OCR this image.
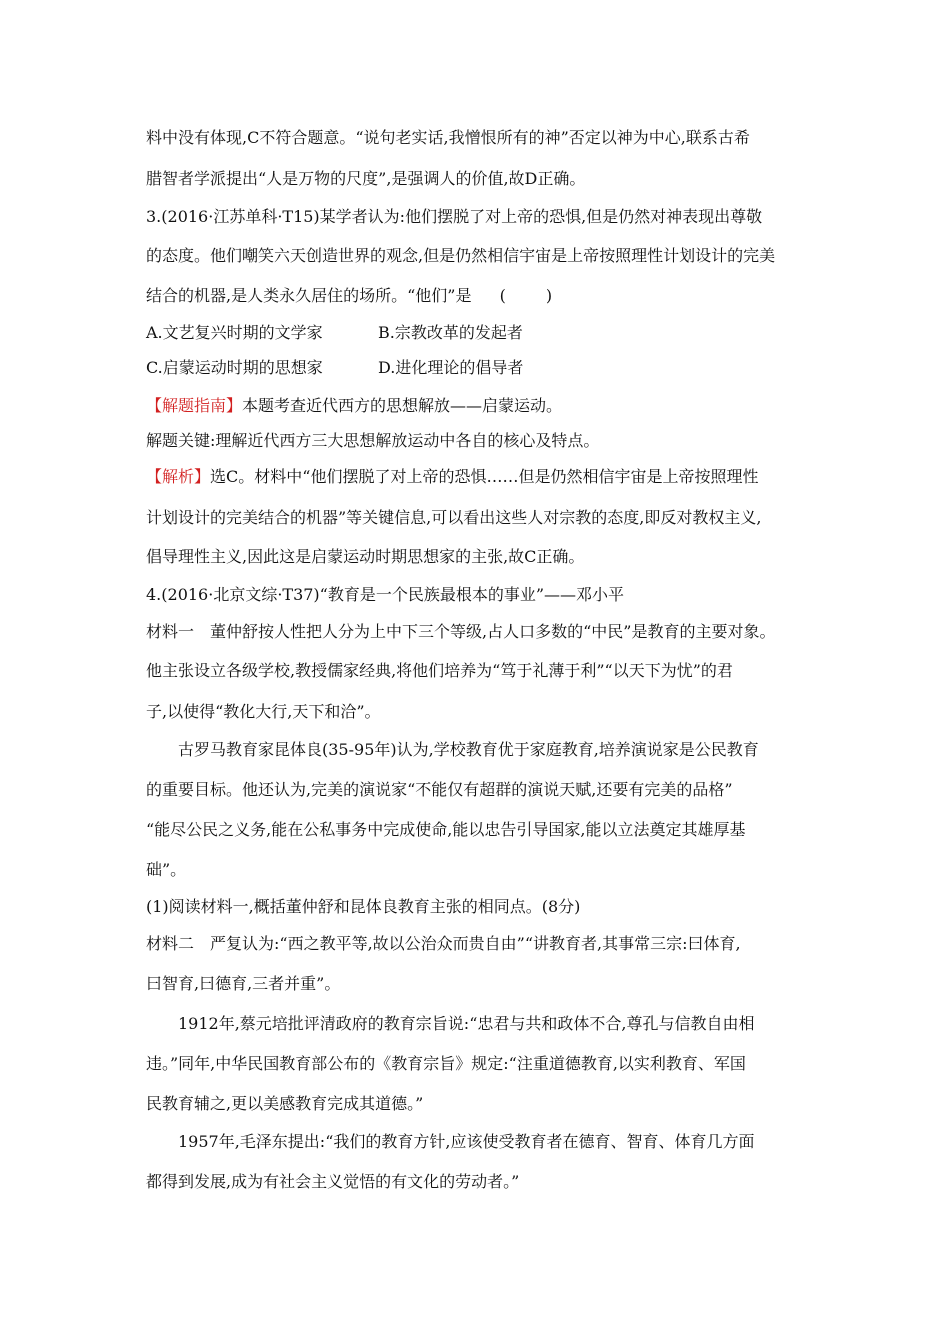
料中没有体现,C不符合题意。“说句老实话,我憎恨所有的神”否定以神为中心,联系古希
腊智者学派提出“人是万物的尺度”,是强调人的价值,故D正确。
3.(2016·江苏单科·T15)某学者认为:他们摆脱了对上帝的恐惧,但是仍然对神表现出尊敬
的态度。他们嘲笑六天创造世界的观念,但是仍然相信宇宙是上帝按照理性计划设计的完美
结合的机器,是人类永久居住的场所。“他们”是 (	)
A.文艺复兴时期的文学家	B.宗教改革的发起者
C.启蒙运动时期的思想家	D.进化理论的倡导者
【解题指南】本题考查近代西方的思想解放——启蒙运动。
解题关键:理解近代西方三大思想解放运动中各自的核心及特点。
【解析】选C。材料中“他们摆脱了对上帝的恐惧……但是仍然相信宇宙是上帝按照理性
计划设计的完美结合的机器”等关键信息,可以看出这些人对宗教的态度,即反对教权主义,
倡导理性主义,因此这是启蒙运动时期思想家的主张,故C正确。
4.(2016·北京文综·T37)“教育是一个民族最根本的事业”——邓小平
材料一　董仲舒按人性把人分为上中下三个等级,占人口多数的“中民”是教育的主要对象。
他主张设立各级学校,教授儒家经典,将他们培养为“笃于礼薄于利”“以天下为忧”的君
子,以使得“教化大行,天下和洽”。
古罗马教育家昆体良(35-95年)认为,学校教育优于家庭教育,培养演说家是公民教育
的重要目标。他还认为,完美的演说家“不能仅有超群的演说天赋,还要有完美的品格”
“能尽公民之义务,能在公私事务中完成使命,能以忠告引导国家,能以立法奠定其雄厚基
础”。
(1)阅读材料一,概括董仲舒和昆体良教育主张的相同点。(8分)
材料二　严复认为:“西之教平等,故以公治众而贵自由”“讲教育者,其事常三宗:曰体育,
曰智育,曰德育,三者并重”。
1912年,蔡元培批评清政府的教育宗旨说:“忠君与共和政体不合,尊孔与信教自由相
违。”同年,中华民国教育部公布的《教育宗旨》规定:“注重道德教育,以实利教育、军国
民教育辅之,更以美感教育完成其道德。”
1957年,毛泽东提出:“我们的教育方针,应该使受教育者在德育、智育、体育几方面
都得到发展,成为有社会主义觉悟的有文化的劳动者。”
